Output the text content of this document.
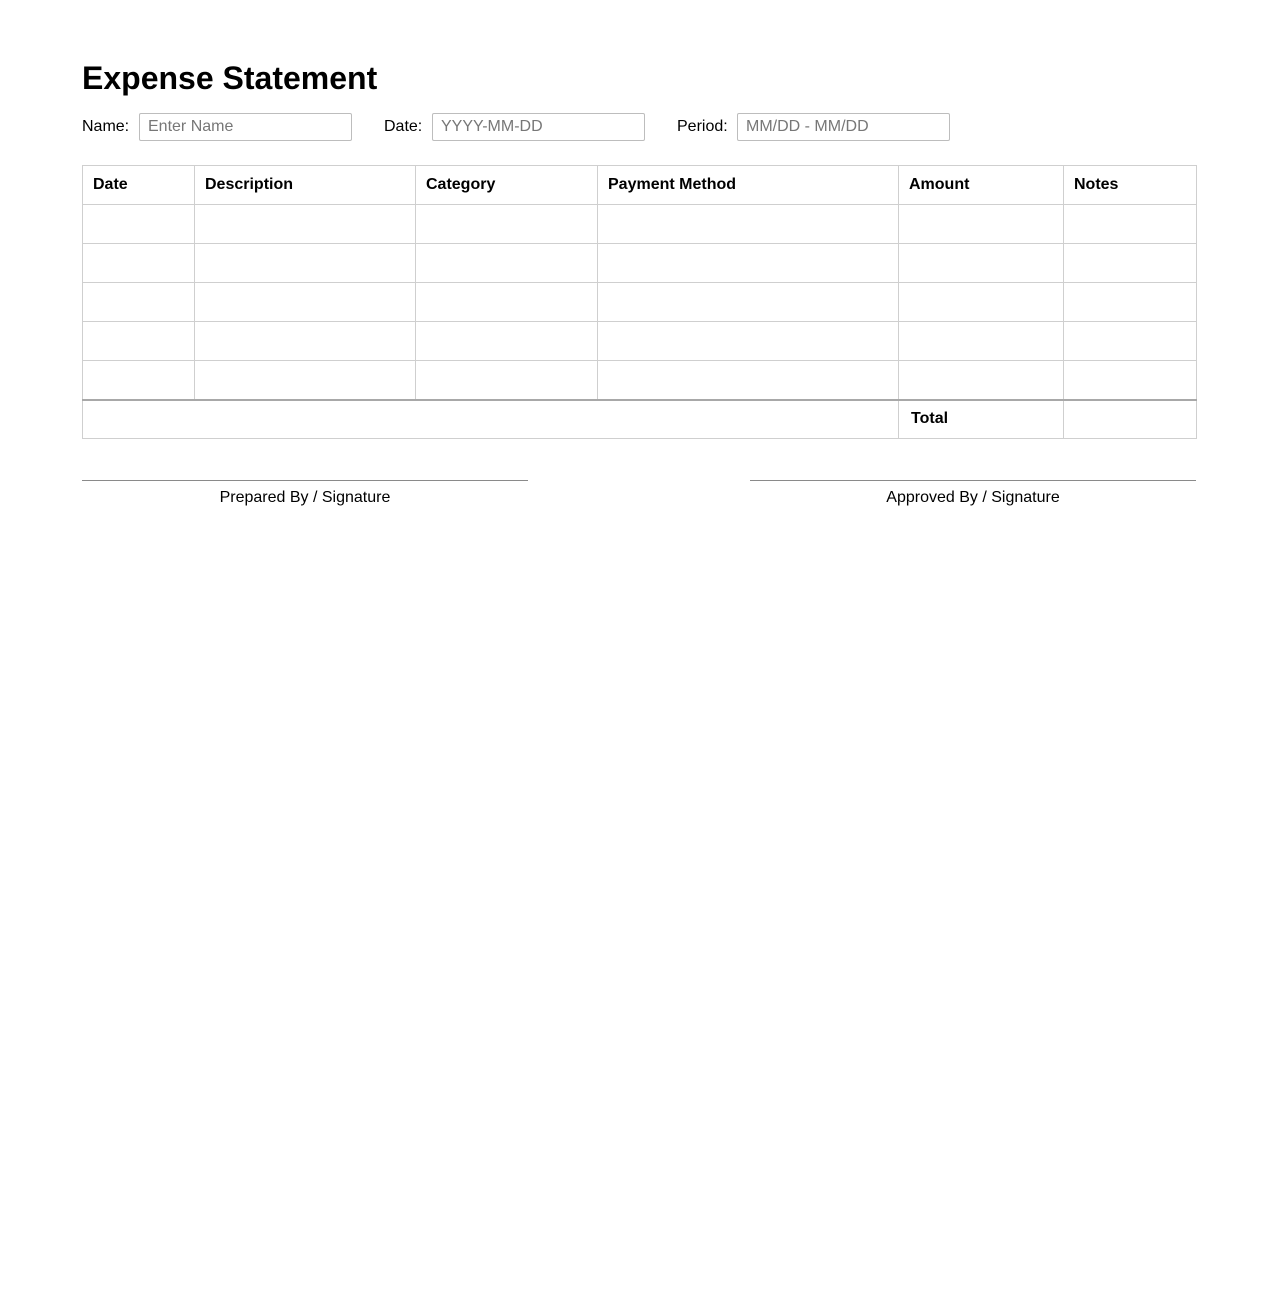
Expense Statement
Name:
Enter Name	Date:
YYYY-MM-DD	Period:
MM/DD - MM/DD
Date	Description	Category	Payment Method	Amount	Notes

				Total	
Prepared By / Signature	Approved By / Signature
